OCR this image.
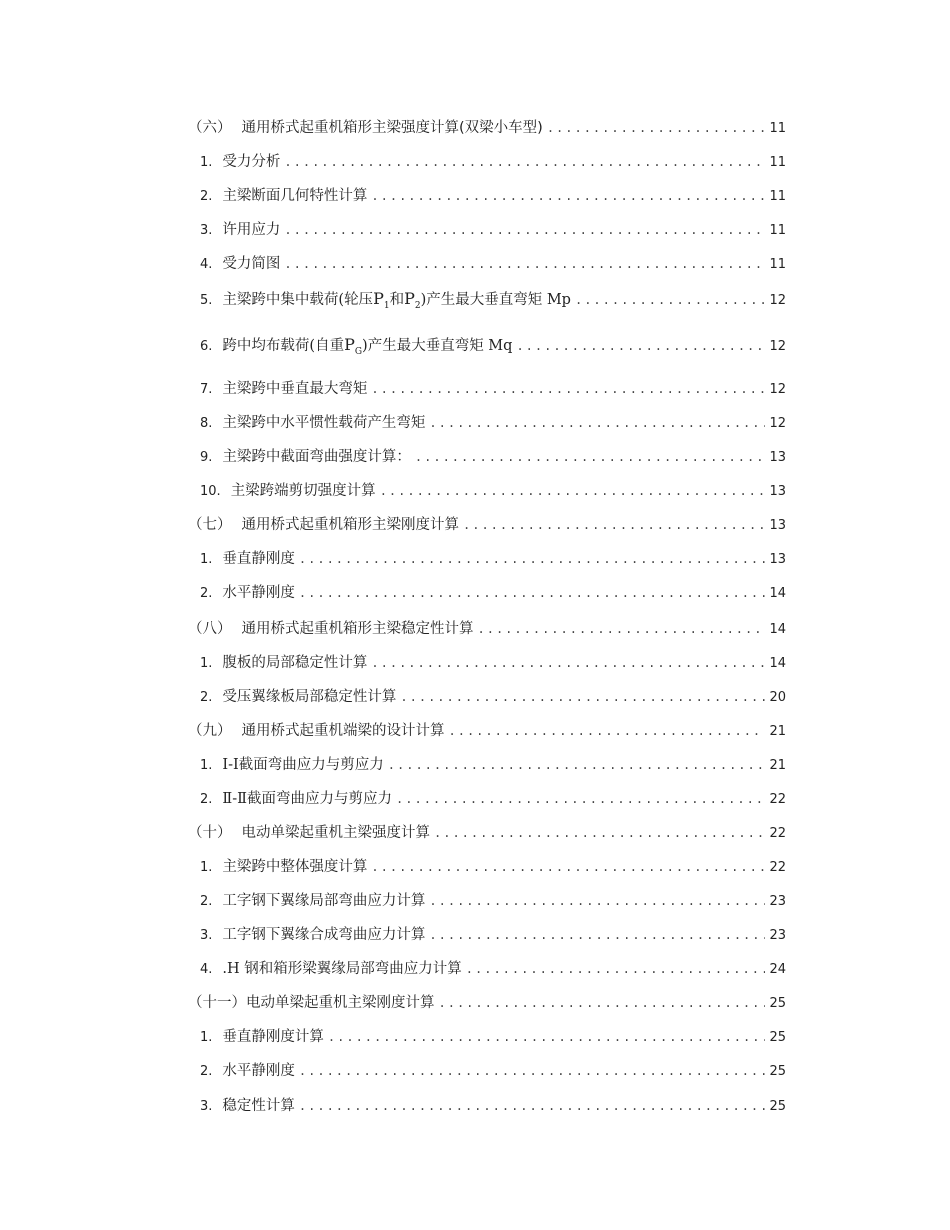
（六） 通用桥式起重机箱形主梁强度计算(双梁小车型) .....	11
1. 受力分析 .....	11
2. 主梁断面几何特性计算 .....	11
3. 许用应力 .....	11
4. 受力简图 .....	11
5. 主梁跨中集中载荷(轮压$P_1$和$P_2$)产生最大垂直弯矩 Mp .....	12
6. 跨中均布载荷(自重$P_G$)产生最大垂直弯矩 Mq .....	12
7. 主梁跨中垂直最大弯矩 .....	12
8. 主梁跨中水平惯性载荷产生弯矩 .....	12
9. 主梁跨中截面弯曲强度计算： .....	13
10. 主梁跨端剪切强度计算 .....	13
（七） 通用桥式起重机箱形主梁刚度计算 .....	13
1. 垂直静刚度 .....	13
2. 水平静刚度 .....	14
（八） 通用桥式起重机箱形主梁稳定性计算 .....	14
1. 腹板的局部稳定性计算 .....	14
2. 受压翼缘板局部稳定性计算 .....	20
（九） 通用桥式起重机端梁的设计计算 .....	21
1. Ⅰ-Ⅰ截面弯曲应力与剪应力 .....	21
2. Ⅱ-Ⅱ截面弯曲应力与剪应力 .....	22
（十） 电动单梁起重机主梁强度计算 .....	22
1. 主梁跨中整体强度计算 .....	22
2. 工字钢下翼缘局部弯曲应力计算 .....	23
3. 工字钢下翼缘合成弯曲应力计算 .....	23
4. .H 钢和箱形梁翼缘局部弯曲应力计算 .....	24
（十一） 电动单梁起重机主梁刚度计算 .....	25
1. 垂直静刚度计算 .....	25
2. 水平静刚度 .....	25
3. 稳定性计算 .....	25
